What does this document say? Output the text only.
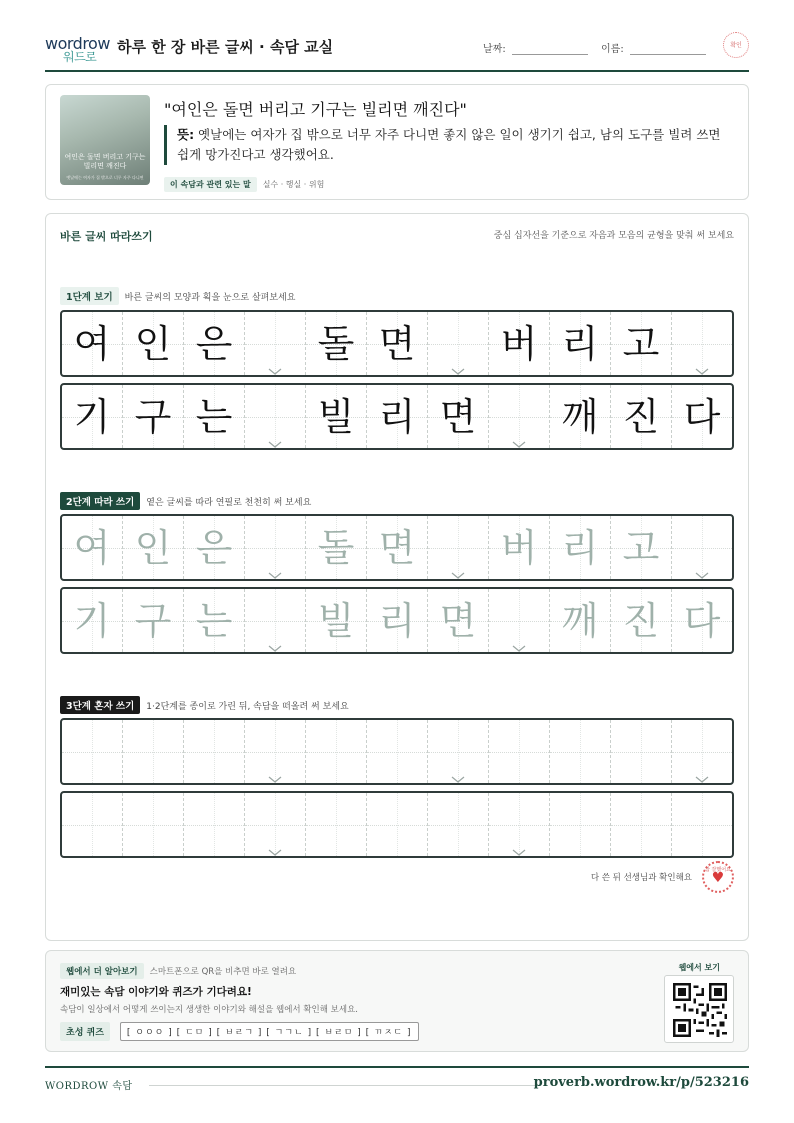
wordrow

워드로
하루 한 장 바른 글씨 · 속담 교실	날짜:	이름:	확인
여인은 돌면 버리고 기구는 빌리면 깨진다
옛날에는 여자가 집 밖으로 너무 자주 다니면
"여인은 돌면 버리고 기구는 빌리면 깨진다"
뜻: 옛날에는 여자가 집 밖으로 너무 자주 다니면 좋지 않은 일이 생기기 쉽고, 남의 도구를 빌려 쓰면 쉽게 망가진다고 생각했어요.
이 속담과 관련 있는 말 실수 · 행실 · 위험
바른 글씨 따라쓰기	중심 십자선을 기준으로 자음과 모음의 균형을 맞춰 써 보세요
1단계 보기 바른 글씨의 모양과 획을 눈으로 살펴보세요
여 인 은 돌 면 버 리 고
기 구 는 빌 리 면 깨 진 다
2단계 따라 쓰기 옅은 글씨를 따라 연필로 천천히 써 보세요
여 인 은 돌 면 버 리 고
기 구 는 빌 리 면 깨 진 다
3단계 혼자 쓰기 1·2단계를 종이로 가린 뒤, 속담을 떠올려 써 보세요
다 쓴 뒤 선생님과 확인해요
참 잘했어요
♥
웹에서 더 알아보기 스마트폰으로 QR을 비추면 바로 열려요
재미있는 속담 이야기와 퀴즈가 기다려요!
속담이 일상에서 어떻게 쓰이는지 생생한 이야기와 해설을 웹에서 확인해 보세요.
초성 퀴즈	[ ㅇㅇㅇ ] [ ㄷㅁ ] [ ㅂㄹㄱ ] [ ㄱㄱㄴ ] [ ㅂㄹㅁ ] [ ㄲㅈㄷ ]
웹에서 보기
WORDROW 속담	proverb.wordrow.kr/p/523216
